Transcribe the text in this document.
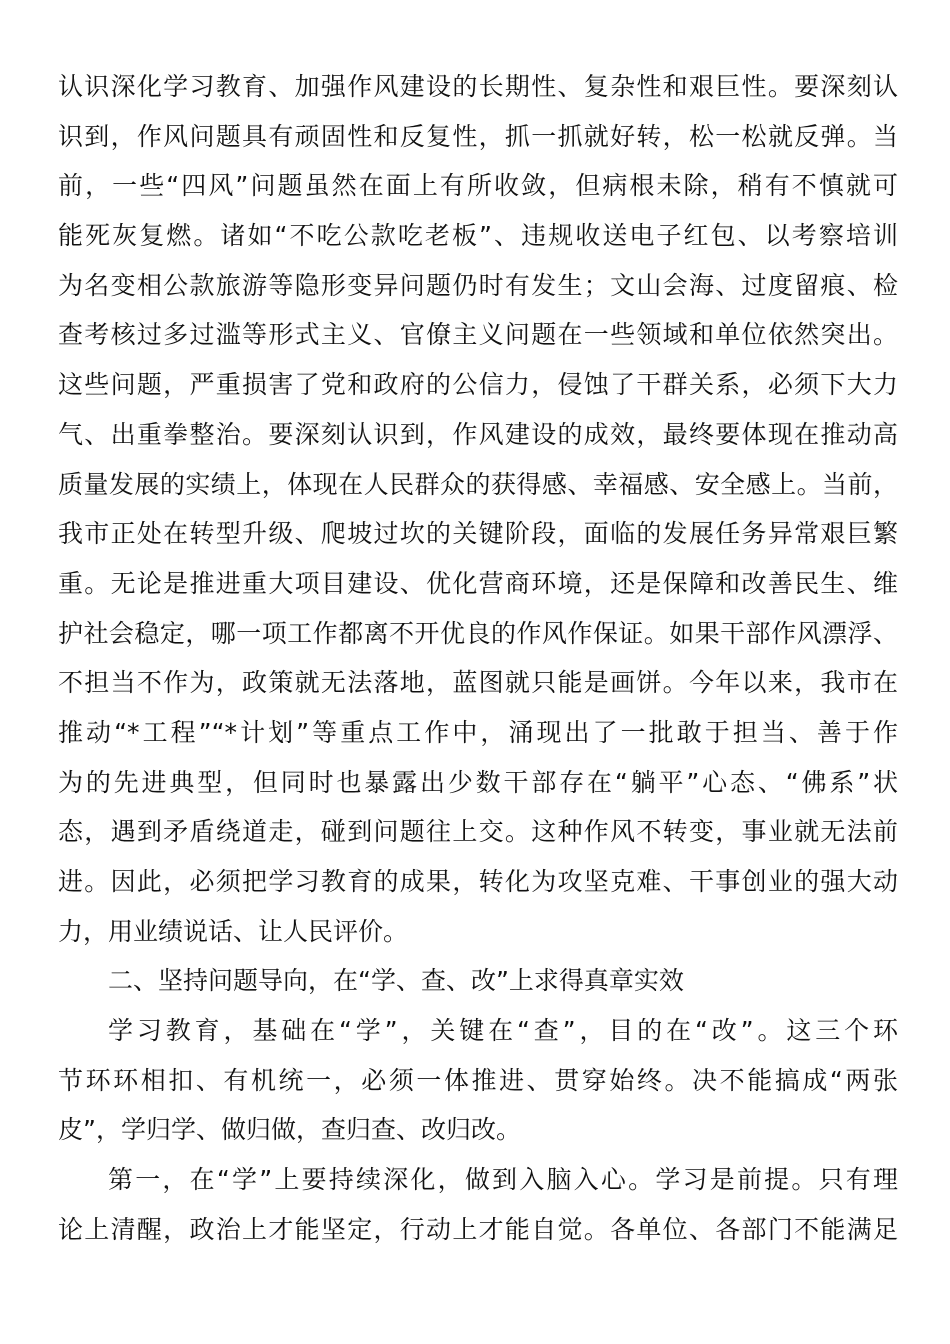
认识深化学习教育、加强作风建设的长期性、复杂性和艰巨性。要深刻认
识到，作风问题具有顽固性和反复性，抓一抓就好转，松一松就反弹。当
前，一些“四风”问题虽然在面上有所收敛，但病根未除，稍有不慎就可
能死灰复燃。诸如“不吃公款吃老板”、违规收送电子红包、以考察培训
为名变相公款旅游等隐形变异问题仍时有发生；文山会海、过度留痕、检
查考核过多过滥等形式主义、官僚主义问题在一些领域和单位依然突出。
这些问题，严重损害了党和政府的公信力，侵蚀了干群关系，必须下大力
气、出重拳整治。要深刻认识到，作风建设的成效，最终要体现在推动高
质量发展的实绩上，体现在人民群众的获得感、幸福感、安全感上。当前，
我市正处在转型升级、爬坡过坎的关键阶段，面临的发展任务异常艰巨繁
重。无论是推进重大项目建设、优化营商环境，还是保障和改善民生、维
护社会稳定，哪一项工作都离不开优良的作风作保证。如果干部作风漂浮、
不担当不作为，政策就无法落地，蓝图就只能是画饼。今年以来，我市在
推动“*工程”“*计划”等重点工作中，涌现出了一批敢于担当、善于作
为的先进典型，但同时也暴露出少数干部存在“躺平”心态、“佛系”状
态，遇到矛盾绕道走，碰到问题往上交。这种作风不转变，事业就无法前
进。因此，必须把学习教育的成果，转化为攻坚克难、干事创业的强大动
力，用业绩说话、让人民评价。
二、坚持问题导向，在“学、查、改”上求得真章实效
学习教育，基础在“学”，关键在“查”，目的在“改”。这三个环
节环环相扣、有机统一，必须一体推进、贯穿始终。决不能搞成“两张
皮”，学归学、做归做，查归查、改归改。
第一，在“学”上要持续深化，做到入脑入心。学习是前提。只有理
论上清醒，政治上才能坚定，行动上才能自觉。各单位、各部门不能满足
